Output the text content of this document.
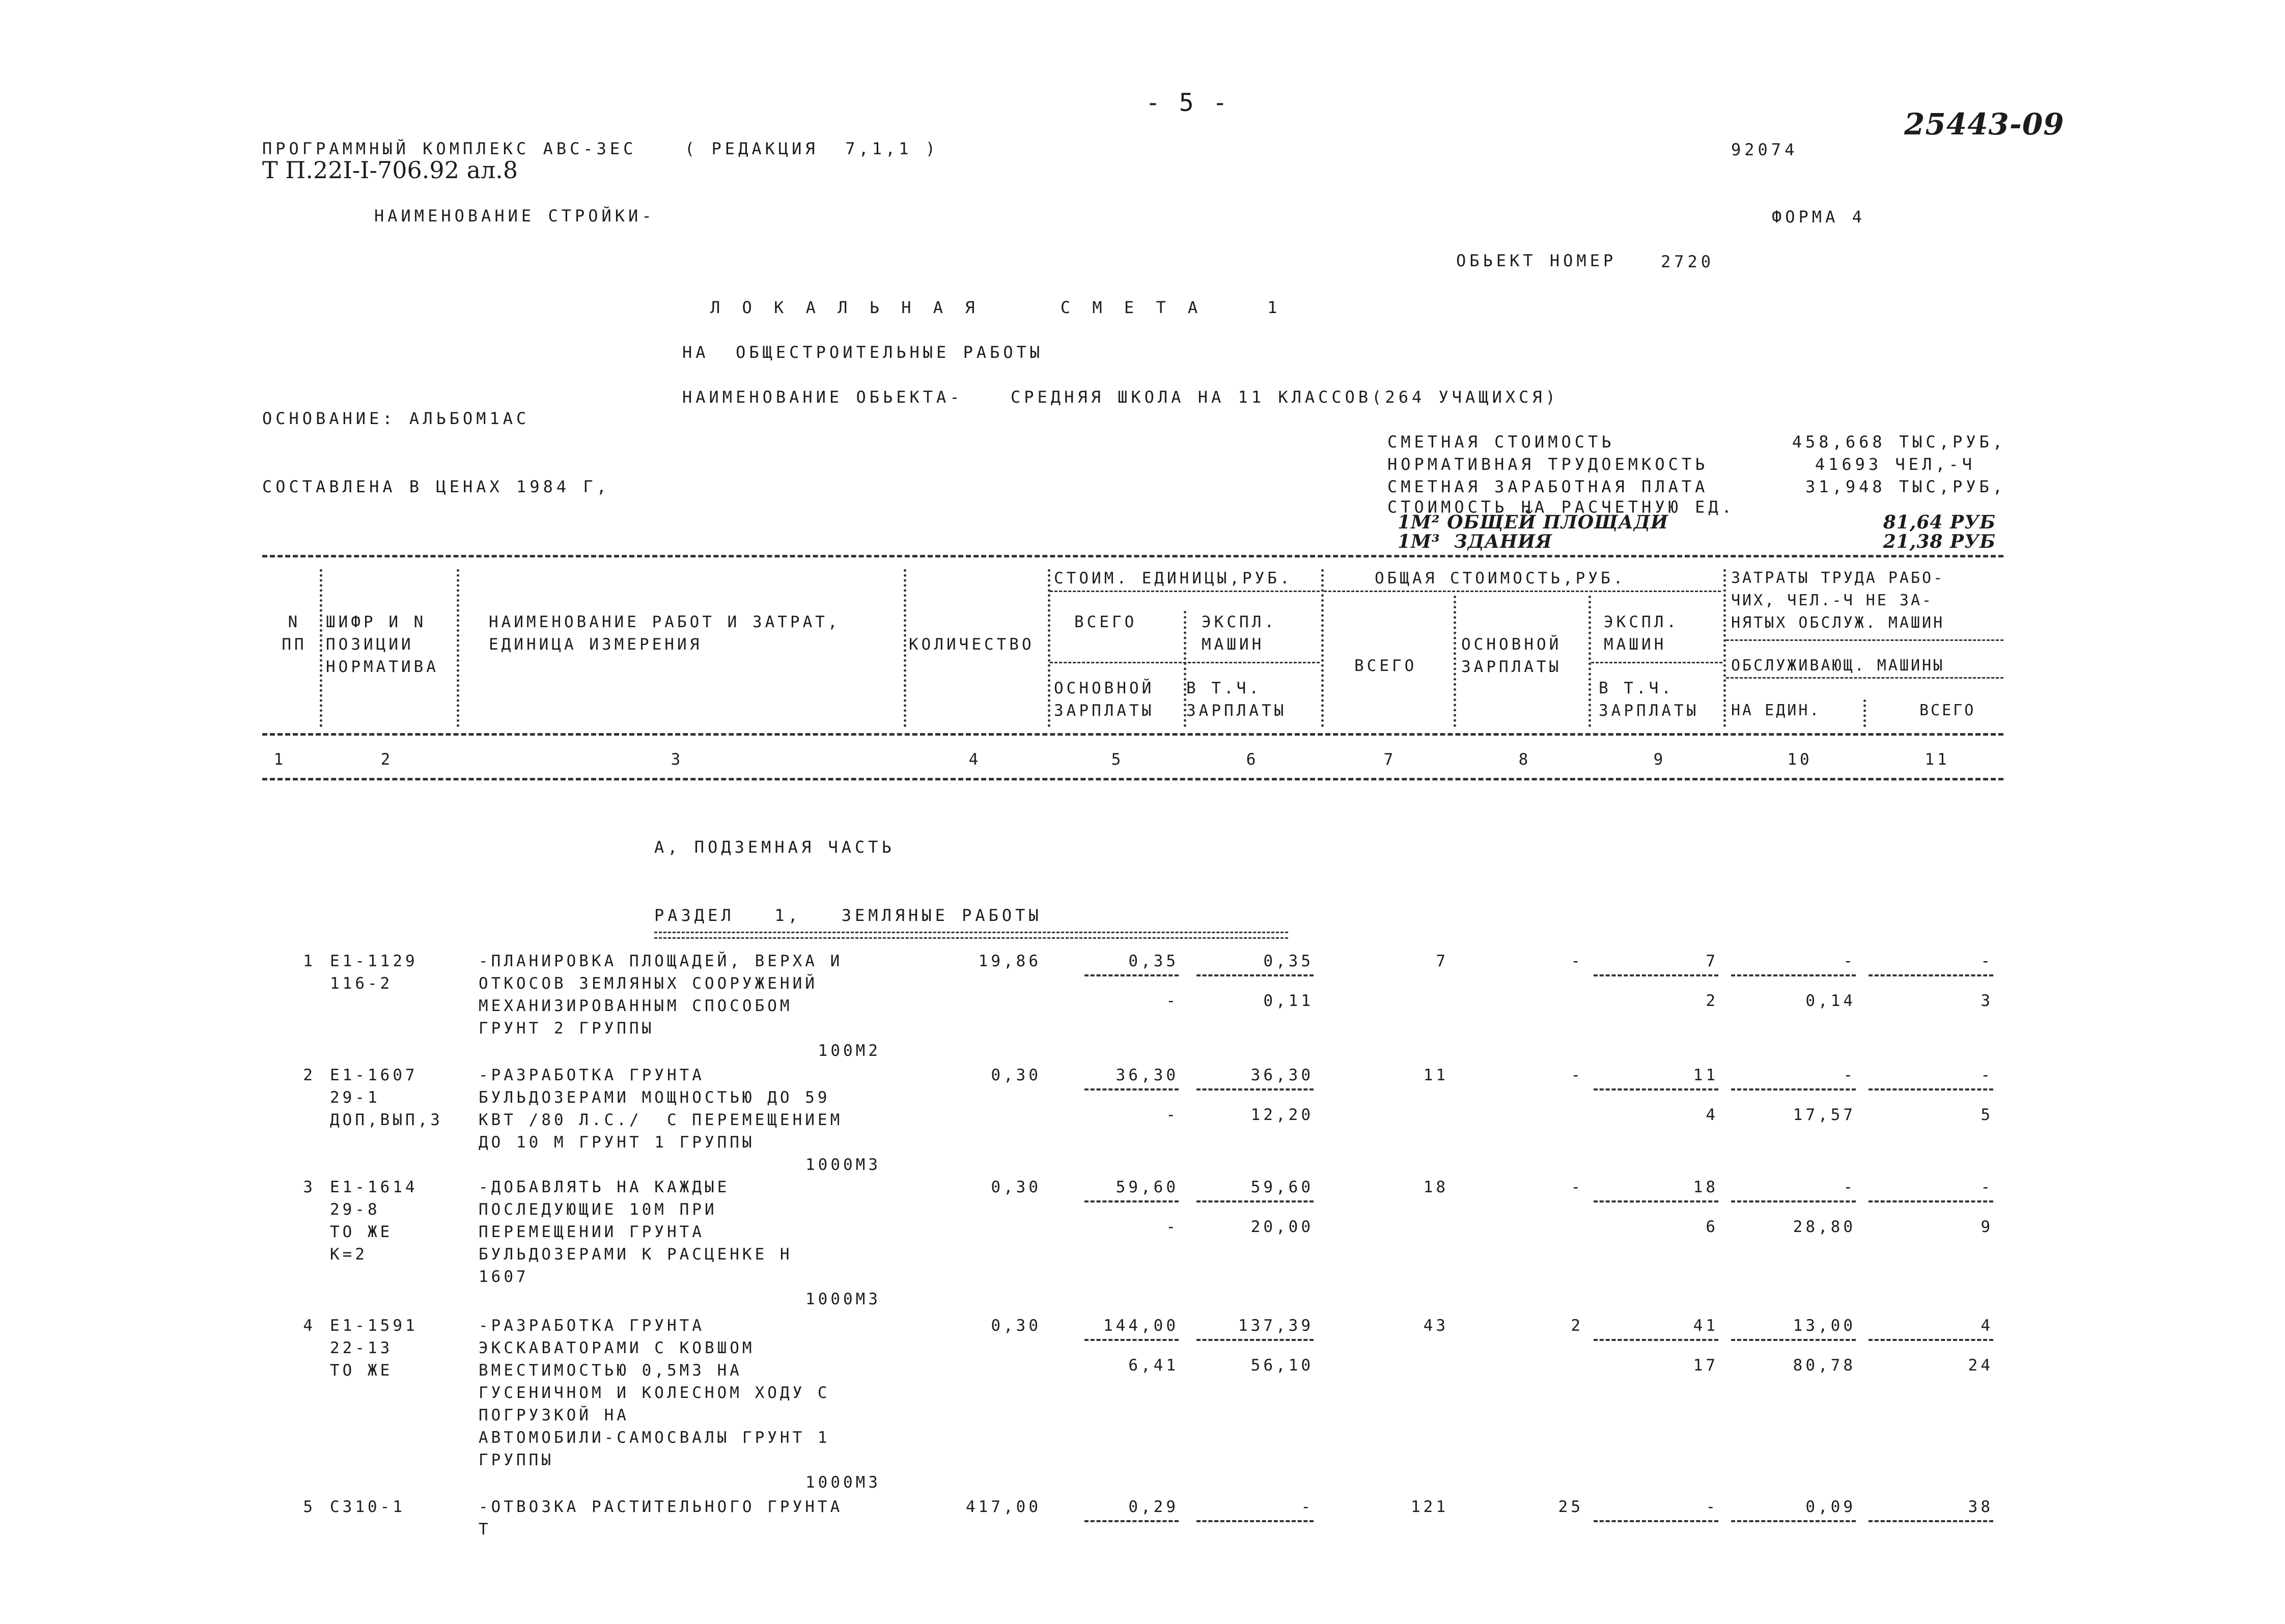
- 5 -
25443-09
ПРОГРАММНЫЙ КОМПЛЕКС АВС-ЗЕС	( РЕДАКЦИЯ  7,1,1 )	92074
Т П.22І-І-706.92 ал.8
НАИМЕНОВАНИЕ СТРОЙКИ-	ФОРМА 4
ОБЬЕКТ НОМЕР	2720
Л О К А Л Ь Н А Я     С М Е Т А    1
НА  ОБЩЕСТРОИТЕЛЬНЫЕ РАБОТЫ
НАИМЕНОВАНИЕ ОБЬЕКТА-	СРЕДНЯЯ ШКОЛА НА 11 КЛАССОВ(264 УЧАЩИХСЯ)
ОСНОВАНИЕ: АЛЬБОМ1АС
СМЕТНАЯ СТОИМОСТЬ	458,668 ТЫС,РУБ,
НОРМАТИВНАЯ ТРУДОЕМКОСТЬ	41693 ЧЕЛ,-Ч
СМЕТНАЯ ЗАРАБОТНАЯ ПЛАТА	31,948 ТЫС,РУБ,
СТОИМОСТЬ НА РАСЧЕТНУЮ ЕД.
1М² ОБЩЕЙ ПЛОЩАДИ	81,64 РУБ
1М³  ЗДАНИЯ	21,38 РУБ
СОСТАВЛЕНА В ЦЕНАХ 1984 Г,
N
ПП
ШИФР И N
ПОЗИЦИИ
НОРМАТИВА
НАИМЕНОВАНИЕ РАБОТ И ЗАТРАТ,
ЕДИНИЦА ИЗМЕРЕНИЯ	КОЛИЧЕСТВО
СТОИМ. ЕДИНИЦЫ,РУБ.
ВСЕГО	ЭКСПЛ.
МАШИН
ОСНОВНОЙ
ЗАРПЛАТЫ
В Т.Ч.
ЗАРПЛАТЫ
ОБЩАЯ СТОИМОСТЬ,РУБ.
ВСЕГО
ОСНОВНОЙ
ЗАРПЛАТЫ
ЭКСПЛ.
МАШИН
В Т.Ч.
ЗАРПЛАТЫ
ЗАТРАТЫ ТРУДА РАБО-
ЧИХ, ЧЕЛ.-Ч НЕ ЗА-
НЯТЫХ ОБСЛУЖ. МАШИН
ОБСЛУЖИВАЮЩ. МАШИНЫ
НА ЕДИН.	ВСЕГО
1	2	3	4	5	6	7	8	9	10	11
А, ПОДЗЕМНАЯ ЧАСТЬ
РАЗДЕЛ   1,   ЗЕМЛЯНЫЕ РАБОТЫ
1 Е1-1129
116-2
-ПЛАНИРОВКА ПЛОЩАДЕЙ, ВЕРХА И
ОТКОСОВ ЗЕМЛЯНЫХ СООРУЖЕНИЙ
МЕХАНИЗИРОВАННЫМ СПОСОБОМ
ГРУНТ 2 ГРУППЫ
100М2
19,86	0,35	0,35	7	-	7	-	-
-	0,11	2	0,14	3
2 Е1-1607
29-1
ДОП,ВЫП,3
-РАЗРАБОТКА ГРУНТА
БУЛЬДОЗЕРАМИ МОЩНОСТЬЮ ДО 59
КВТ /80 Л.С./  С ПЕРЕМЕЩЕНИЕМ
ДО 10 М ГРУНТ 1 ГРУППЫ
1000М3
0,30	36,30	36,30	11	-	11	-	-
-	12,20	4	17,57	5
3 Е1-1614
29-8
ТО ЖЕ
К=2
-ДОБАВЛЯТЬ НА КАЖДЫЕ
ПОСЛЕДУЮЩИЕ 10М ПРИ
ПЕРЕМЕЩЕНИИ ГРУНТА
БУЛЬДОЗЕРАМИ К РАСЦЕНКЕ Н
1607
1000М3
0,30	59,60	59,60	18	-	18	-	-
-	20,00	6	28,80	9
4 Е1-1591
22-13
ТО ЖЕ
-РАЗРАБОТКА ГРУНТА
ЭКСКАВАТОРАМИ С КОВШОМ
ВМЕСТИМОСТЬЮ 0,5М3 НА
ГУСЕНИЧНОМ И КОЛЕСНОМ ХОДУ С
ПОГРУЗКОЙ НА
АВТОМОБИЛИ-САМОСВАЛЫ ГРУНТ 1
ГРУППЫ
1000М3
0,30	144,00	137,39	43	2	41	13,00	4
6,41	56,10	17	80,78	24
5 С310-1	-ОТВОЗКА РАСТИТЕЛЬНОГО ГРУНТА
Т
417,00	0,29	-	121	25	-	0,09	38
